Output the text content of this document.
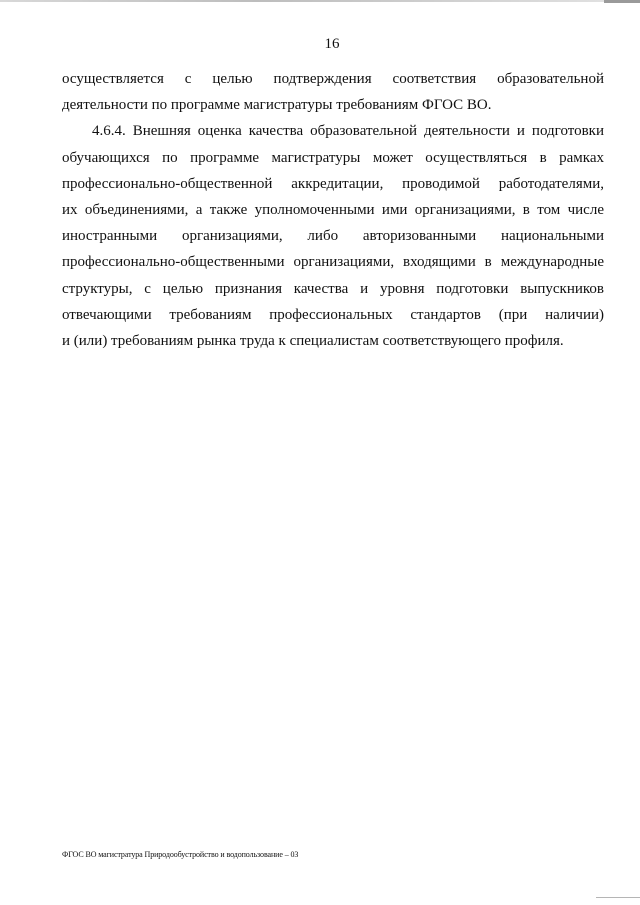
16
осуществляется с целью подтверждения соответствия образовательной
деятельности по программе магистратуры требованиям ФГОС ВО.
4.6.4. Внешняя оценка качества образовательной деятельности и подготовки
обучающихся по программе магистратуры может осуществляться в рамках
профессионально-общественной аккредитации, проводимой работодателями,
их объединениями, а также уполномоченными ими организациями, в том числе
иностранными организациями, либо авторизованными национальными
профессионально-общественными организациями, входящими в международные
структуры, с целью признания качества и уровня подготовки выпускников
отвечающими требованиям профессиональных стандартов (при наличии)
и (или) требованиям рынка труда к специалистам соответствующего профиля.
ФГОС ВО магистратура Природообустройство и водопользование – 03
